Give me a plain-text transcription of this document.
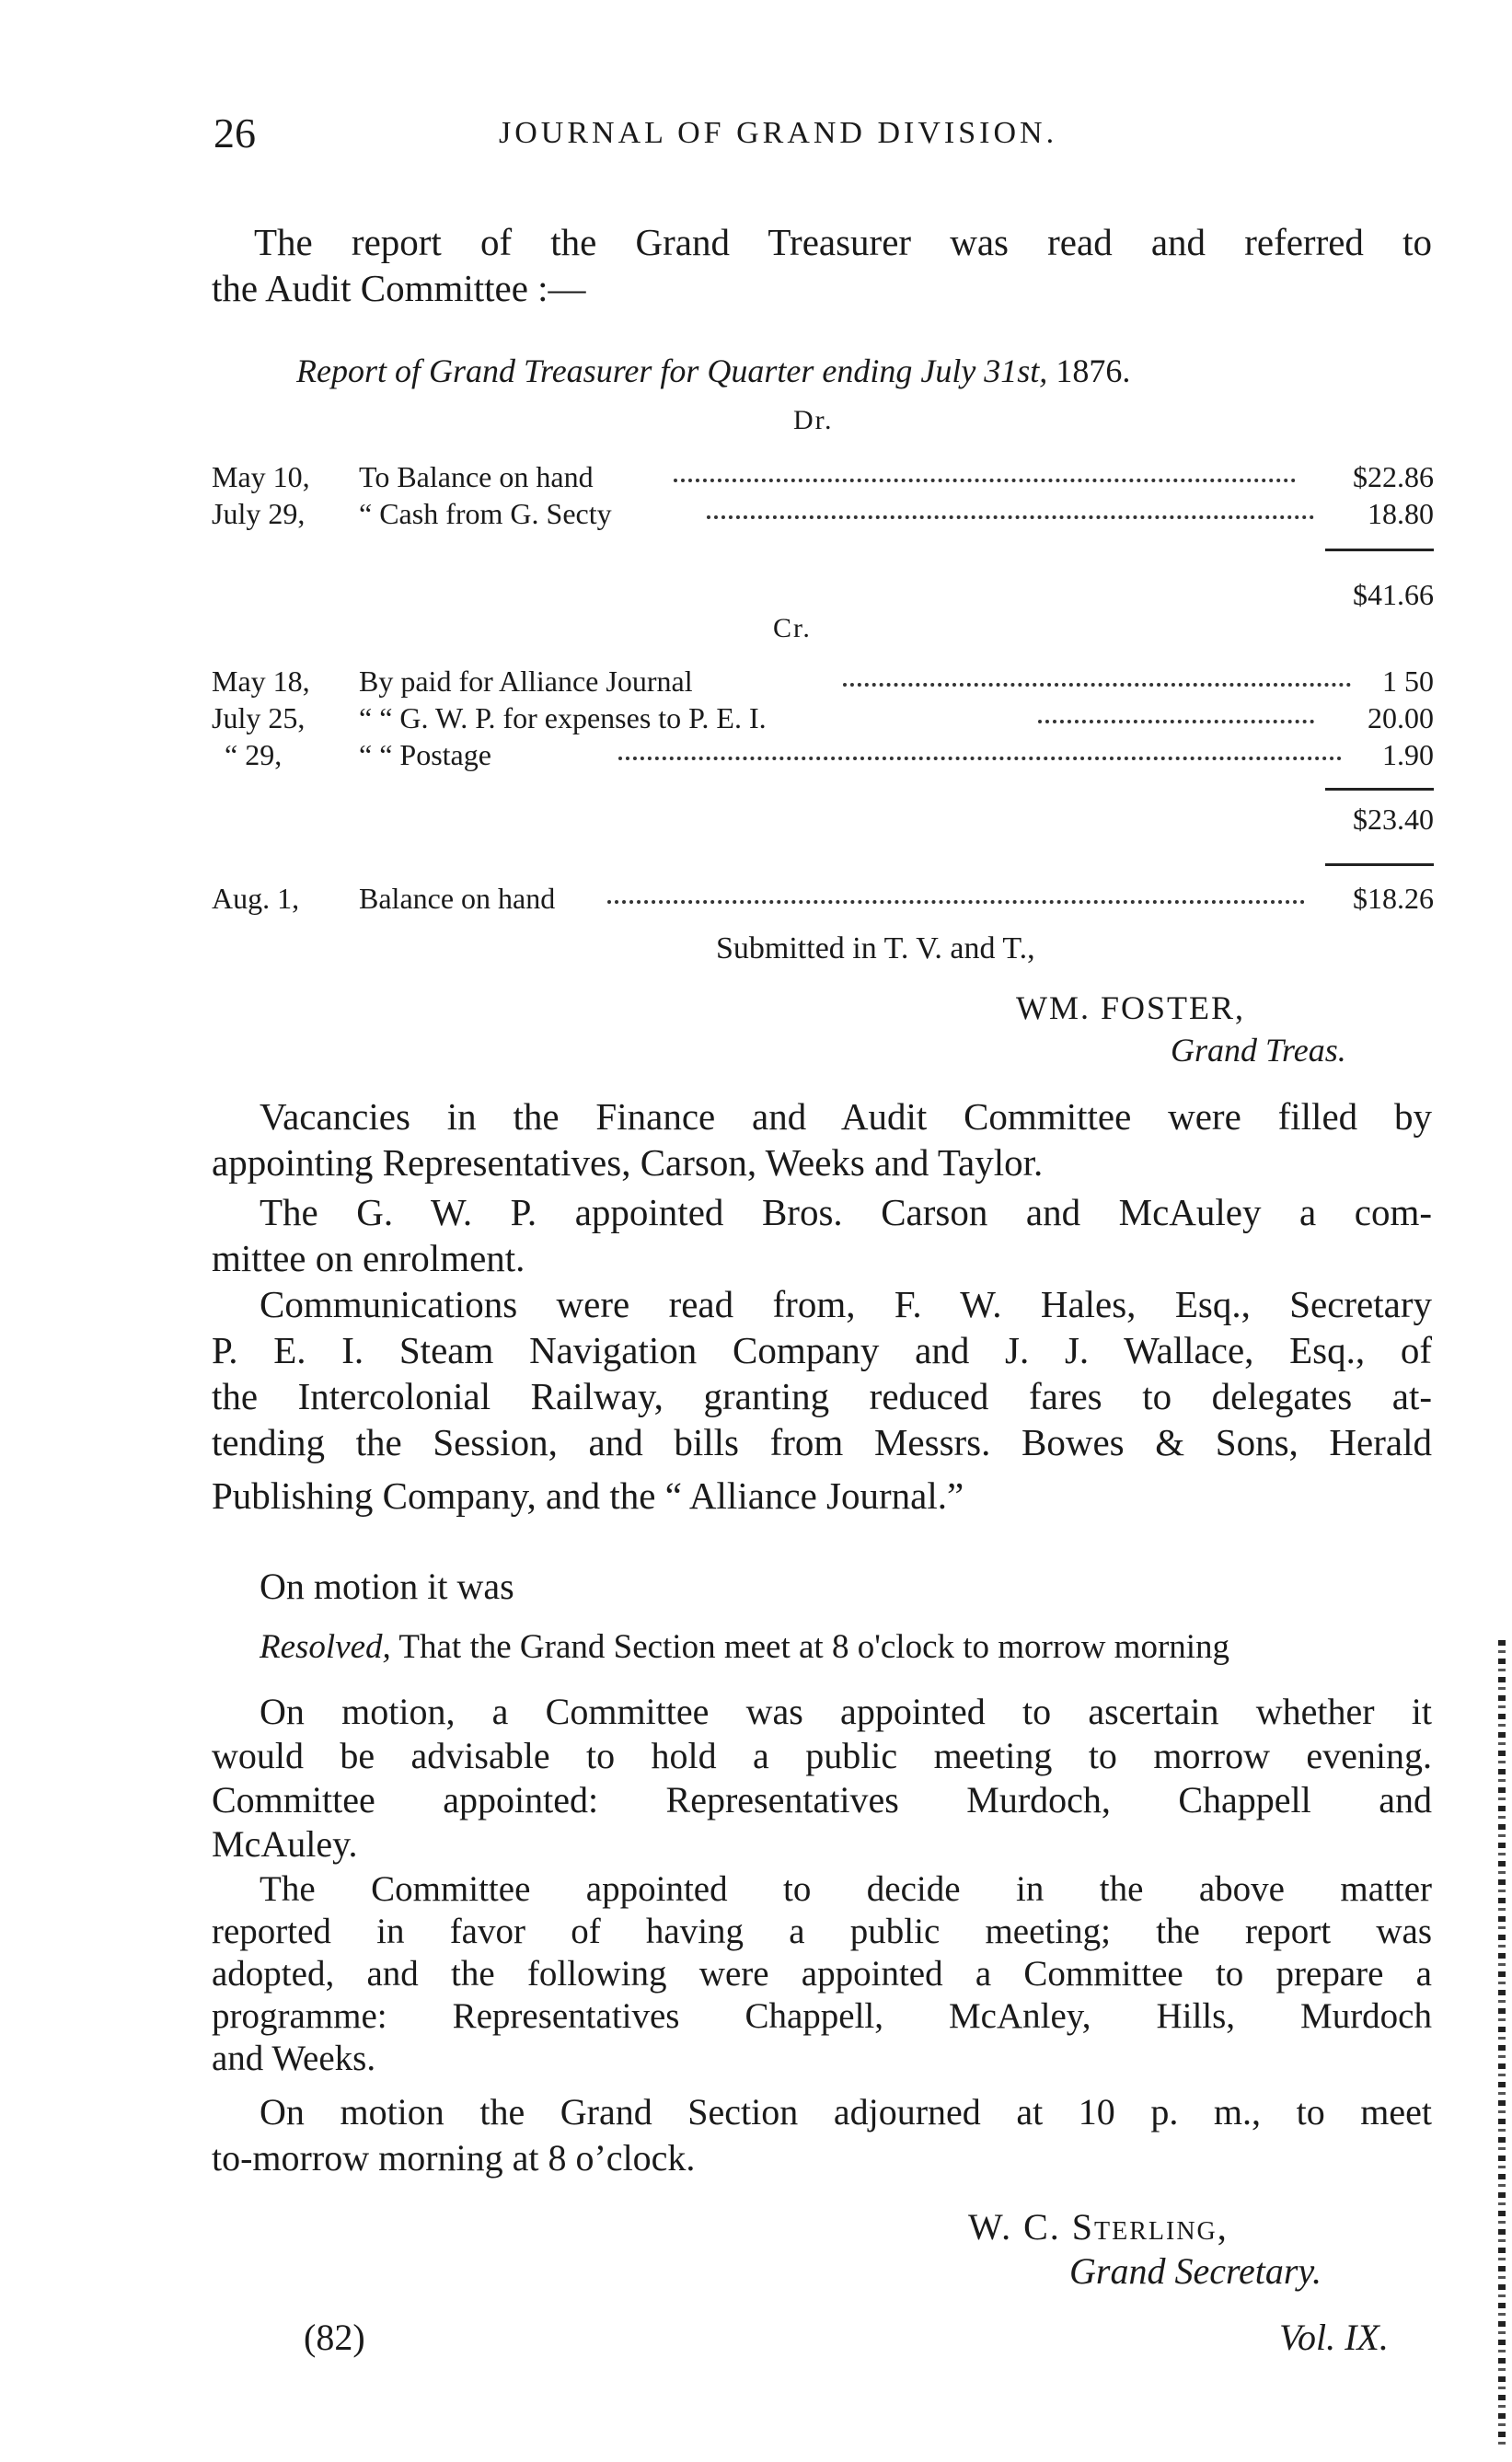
26	JOURNAL OF GRAND DIVISION.
The report of the Grand Treasurer was read and referred to
the Audit Committee :—
Report of Grand Treasurer for Quarter ending July 31st, 1876.
Dr.
May 10, To Balance on hand	$22.86
July 29, “ Cash from G. Secty	18.80
$41.66
Cr.
May 18, By paid for Alliance Journal	1 50
July 25, “ “ G. W. P. for expenses to P. E. I.	20.00
“ 29,	“ “ Postage	1.90
$23.40
Aug. 1, Balance on hand	$18.26
Submitted in T. V. and T.,
WM. FOSTER,
Grand Treas.
Vacancies in the Finance and Audit Committee were filled by
appointing Representatives, Carson, Weeks and Taylor.
The G. W. P. appointed Bros. Carson and McAuley a com-
mittee on enrolment.
Communications were read from, F. W. Hales, Esq., Secretary
P. E. I. Steam Navigation Company and J. J. Wallace, Esq., of
the Intercolonial Railway, granting reduced fares to delegates at-
tending the Session, and bills from Messrs. Bowes & Sons, Herald
Publishing Company, and the “ Alliance Journal.”
On motion it was
Resolved, That the Grand Section meet at 8 o'clock to morrow morning
On motion, a Committee was appointed to ascertain whether it
would be advisable to hold a public meeting to morrow evening.
Committee appointed: Representatives Murdoch, Chappell and
McAuley.
The Committee appointed to decide in the above matter
reported in favor of having a public meeting; the report was
adopted, and the following were appointed a Committee to prepare a
programme: Representatives Chappell, McAnley, Hills, Murdoch
and Weeks.
On motion the Grand Section adjourned at 10 p. m., to meet
to-morrow morning at 8 o’clock.
W. C. Sterling,
Grand Secretary.
(82)	Vol. IX.
